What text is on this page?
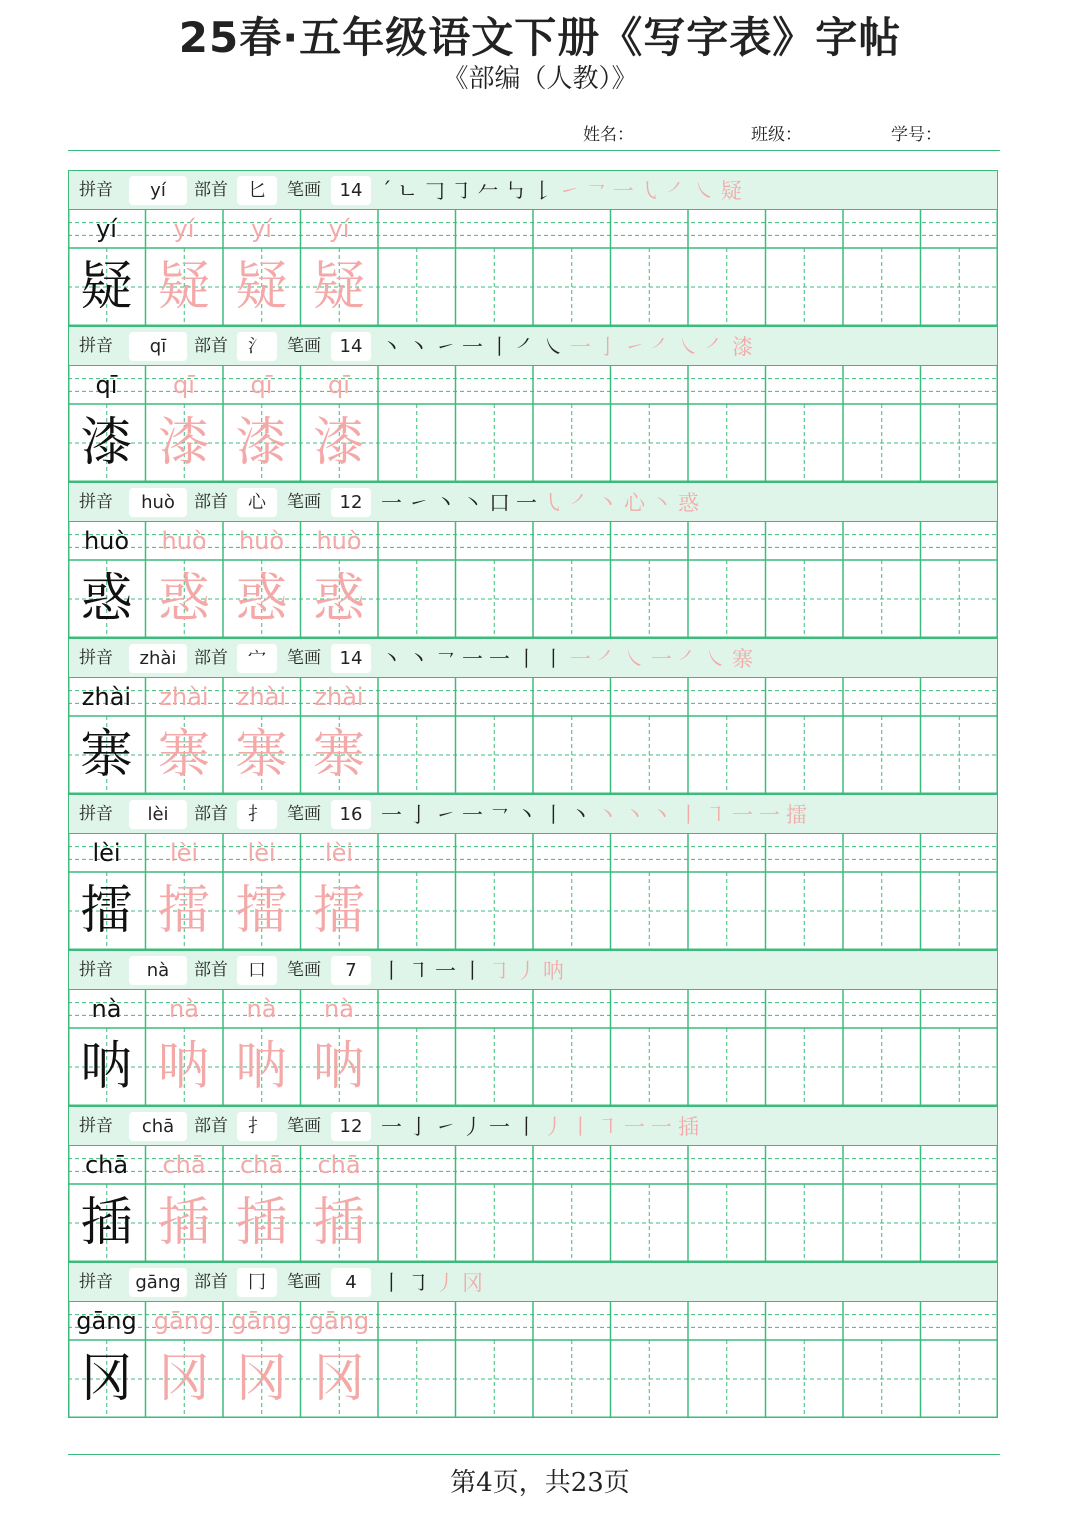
25春·五年级语文下册《写字表》字帖
《部编（人教）》
姓名：	班级：	学号：
拼音	yí	部首	匕	笔画	14 ´ ㄴ 𠃌 ㇆ 𠂉 ㇉ 𠄌 ㇀ ㇖ 一 ㇂ ㇒ ㇏ 疑
yí
疑
yí
疑
yí
疑
yí
疑
拼音	qī	部首	氵	笔画	14 丶 丶 ㇀ 一 丨 ㇒ ㇏ 一 亅 ㇀ ㇒ ㇏ ㇒ 漆
qī
漆
qī
漆
qī
漆
qī
漆
拼音	huò	部首	心	笔画	12 一 ㇀ 丶 ㇔ 口 一 ㇂ ㇒ 丶 心 ㇔ 惑
huò
惑
huò
惑
huò
惑
huò
惑
拼音	zhài	部首	宀	笔画	14 丶 丶 ㇖ 一 一 丨 丨 一 ㇒ ㇏ 一 ㇒ ㇏ 寨
zhài
寨
zhài
寨
zhài
寨
zhài
寨
拼音	lèi	部首	扌	笔画	16 一 亅 ㇀ 一 ㇖ 丶 丨 丶 丶 丶 丶 丨 ㇕ 一 一 擂
lèi
擂
lèi
擂
lèi
擂
lèi
擂
拼音	nà	部首	口	笔画	7	丨 ㇕ 一 丨 ㇆ 丿 呐
nà
呐
nà
呐
nà
呐
nà
呐
拼音	chā	部首	扌	笔画	12 一 亅 ㇀ 丿 一 丨 丿 丨 ㇕ 一 一 插
chā
插
chā
插
chā
插
chā
插
拼音	gāng 部首	冂	笔画	4	丨 ㇆ 丿 冈
gāng
冈
gāng
冈
gāng
冈
gāng
冈
第4页，共23页
